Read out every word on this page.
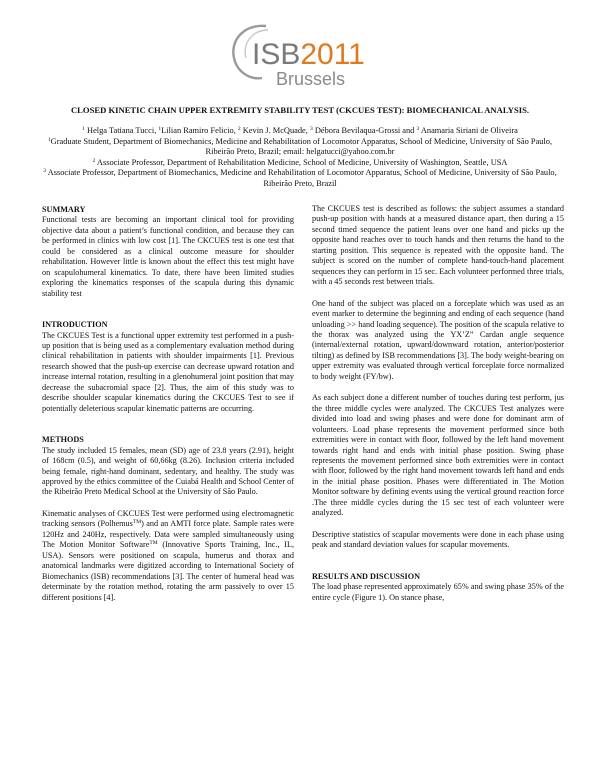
ISB2011
Brussels
CLOSED KINETIC CHAIN UPPER EXTREMITY STABILITY TEST (CKCUES TEST): BIOMECHANICAL ANALYSIS.

$^1$ Helga Tatiana Tucci, $^1$Lilian Ramiro Felicio, $^2$ Kevin J. McQuade, $^3$ Débora Bevilaqua-Grossi and $^3$ Anamaria Siriani de Oliveira

$^1$Graduate Student, Department of Biomechanics, Medicine and Rehabilitation of Locomotor Apparatus, School of Medicine, University of São Paulo, Ribeirão Preto, Brazil; email: helgatucci@yahoo.com.br

$^2$ Associate Professor, Department of Rehabilitation Medicine, School of Medicine, University of Washington, Seattle, USA

$^3$ Associate Professor, Department of Biomechanics, Medicine and Rehabilitation of Locomotor Apparatus, School of Medicine, University of São Paulo, Ribeirão Preto, Brazil

SUMMARY

Functional tests are becoming an important clinical tool for providing objective data about a patient’s functional condition, and because they can be performed in clinics with low cost [1]. The CKCUES test is one test that could be considered as a clinical outcome measure for shoulder rehabilitation. However little is known about the effect this test might have on scapulohumeral kinematics. To date, there have been limited studies exploring the kinematics responses of the scapula during this dynamic stability test

INTRODUCTION

The CKCUES Test is a functional upper extremity test performed in a push-up position that is being used as a complementary evaluation method during clinical rehabilitation in patients with shoulder impairments [1]. Previous research showed that the push-up exercise can decrease upward rotation and increase internal rotation, resulting in a glenohumeral joint position that may decrease the subacromial space [2]. Thus, the aim of this study was to describe shoulder scapular kinematics during the CKCUES Test to see if potentially deleterious scapular kinematic patterns are occurring.

METHODS

The study included 15 females, mean (SD) age of 23.8 years (2.91), height of 168cm (0.5), and weight of 60,66kg (8.26). Inclusion criteria included being female, right-hand dominant, sedentary, and healthy. The study was approved by the ethics committee of the Cuiabá Health and School Center of the Ribeirão Preto Medical School at the University of São Paulo.

Kinematic analyses of CKCUES Test were performed using electromagnetic tracking sensors (Polhemus™) and an AMTI force plate. Sample rates were 120Hz and 240Hz, respectively. Data were sampled simultaneously using The Motion Monitor Software™ (Innovative Sports Training, Inc., IL, USA). Sensors were positioned on scapula, humerus and thorax and anatomical landmarks were digitized according to International Society of Biomechanics (ISB) recommendations [3]. The center of humeral head was determinate by the rotation method, rotating the arm passively to over 15 different positions [4].

The CKCUES test is described as follows: the subject assumes a standard push-up position with hands at a measured distance apart, then during a 15 second timed sequence the patient leans over one hand and picks up the opposite hand reaches over to touch hands and then returns the hand to the starting position. This sequence is repeated with the opposite hand. The subject is scored on the number of complete hand-touch-hand placement sequences they can perform in 15 sec. Each volunteer performed three trials, with a 45 seconds rest between trials.

One hand of the subject was placed on a forceplate which was used as an event marker to determine the beginning and ending of each sequence (hand unloading >> hand loading sequence). The position of the scapula relative to the thorax was analyzed using the YX’Z” Cardan angle sequence (internal/external rotation, upward/downward rotation, anterior/posterior tilting) as defined by ISB recommendations [3]. The body weight-bearing on upper extremity was evaluated through vertical forceplate force normalized to body weight (FY/bw).

As each subject done a different number of touches during test perform, jus the three middle cycles were analyzed. The CKCUES Test analyzes were divided into load and swing phases and were done for dominant arm of volunteers. Load phase represents the movement performed since both extremities were in contact with floor, followed by the left hand movement towards right hand and ends with initial phase position. Swing phase represents the movement performed since both extremities were in contact with floor, followed by the right hand movement towards left hand and ends in the initial phase position. Phases were differentiated in The Motion Monitor software by defining events using the vertical ground reaction force .The three middle cycles during the 15 sec test of each volunteer were analyzed.

Descriptive statistics of scapular movements were done in each phase using peak and standard deviation values for scapular movements.

RESULTS AND DISCUSSION

The load phase represented approximately 65% and swing phase 35% of the entire cycle (Figure 1). On stance phase,
